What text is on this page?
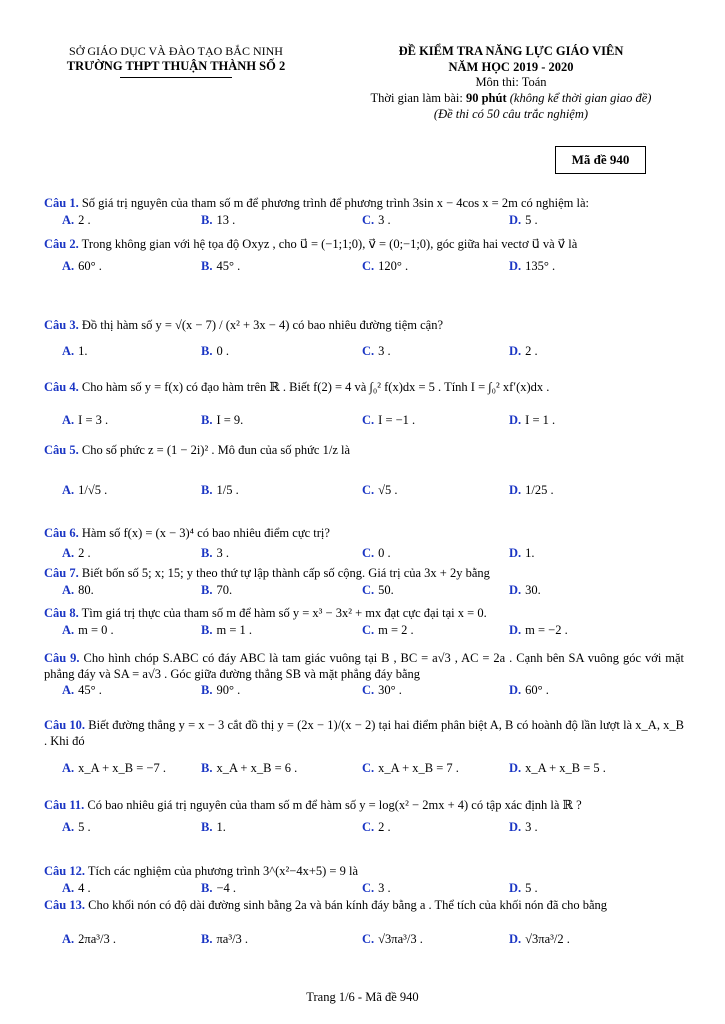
SỞ GIÁO DỤC VÀ ĐÀO TẠO BẮC NINH
TRƯỜNG THPT THUẬN THÀNH SỐ 2
ĐỀ KIỂM TRA NĂNG LỰC GIÁO VIÊN
NĂM HỌC 2019 - 2020
Môn thi: Toán
Thời gian làm bài: 90 phút (không kể thời gian giao đề)
(Đề thi có 50 câu trắc nghiệm)
Mã đề 940
Câu 1. Số giá trị nguyên của tham số m để phương trình để phương trình 3sin x − 4cos x = 2m có nghiệm là:
A. 2 .	B. 13 .	C. 3 .	D. 5 .
Câu 2. Trong không gian với hệ tọa độ Oxyz , cho u⃗ = (−1;1;0), v⃗ = (0;−1;0), góc giữa hai vectơ u⃗ và v⃗ là
A. 60° .	B. 45° .	C. 120° .	D. 135° .
Câu 3. Đồ thị hàm số y = √(x − 7) / (x² + 3x − 4) có bao nhiêu đường tiệm cận?
A. 1.	B. 0 .	C. 3 .	D. 2 .
Câu 4. Cho hàm số y = f(x) có đạo hàm trên ℝ . Biết f(2) = 4 và ∫₀² f(x)dx = 5 . Tính I = ∫₀² xf′(x)dx .
A. I = 3 .	B. I = 9.	C. I = −1 .	D. I = 1 .
Câu 5. Cho số phức z = (1 − 2i)² . Mô đun của số phức 1/z là
A. 1/√5 .	B. 1/5 .	C. √5 .	D. 1/25 .
Câu 6. Hàm số f(x) = (x − 3)⁴ có bao nhiêu điểm cực trị?
A. 2 .	B. 3 .	C. 0 .	D. 1.
Câu 7. Biết bốn số 5; x; 15; y theo thứ tự lập thành cấp số cộng. Giá trị của 3x + 2y bằng
A. 80.	B. 70.	C. 50.	D. 30.
Câu 8. Tìm giá trị thực của tham số m để hàm số y = x³ − 3x² + mx đạt cực đại tại x = 0.
A. m = 0 .	B. m = 1 .	C. m = 2 .	D. m = −2 .
Câu 9. Cho hình chóp S.ABC có đáy ABC là tam giác vuông tại B , BC = a√3 , AC = 2a . Cạnh bên SA vuông góc với mặt phẳng đáy và SA = a√3 . Góc giữa đường thẳng SB và mặt phẳng đáy bằng
A. 45° .	B. 90° .	C. 30° .	D. 60° .
Câu 10. Biết đường thẳng y = x − 3 cắt đồ thị y = (2x − 1)/(x − 2) tại hai điểm phân biệt A, B có hoành độ lần lượt là x_A, x_B . Khi đó
A. x_A + x_B = −7 .	B. x_A + x_B = 6 .	C. x_A + x_B = 7 .	D. x_A + x_B = 5 .
Câu 11. Có bao nhiêu giá trị nguyên của tham số m để hàm số y = log(x² − 2mx + 4) có tập xác định là ℝ ?
A. 5 .	B. 1.	C. 2 .	D. 3 .
Câu 12. Tích các nghiệm của phương trình 3^(x²−4x+5) = 9 là
A. 4 .	B. −4 .	C. 3 .	D. 5 .
Câu 13. Cho khối nón có độ dài đường sinh bằng 2a và bán kính đáy bằng a . Thể tích của khối nón đã cho bằng
A. 2πa³/3 .	B. πa³/3 .	C. √3πa³/3 .	D. √3πa³/2 .
Trang 1/6 - Mã đề 940
